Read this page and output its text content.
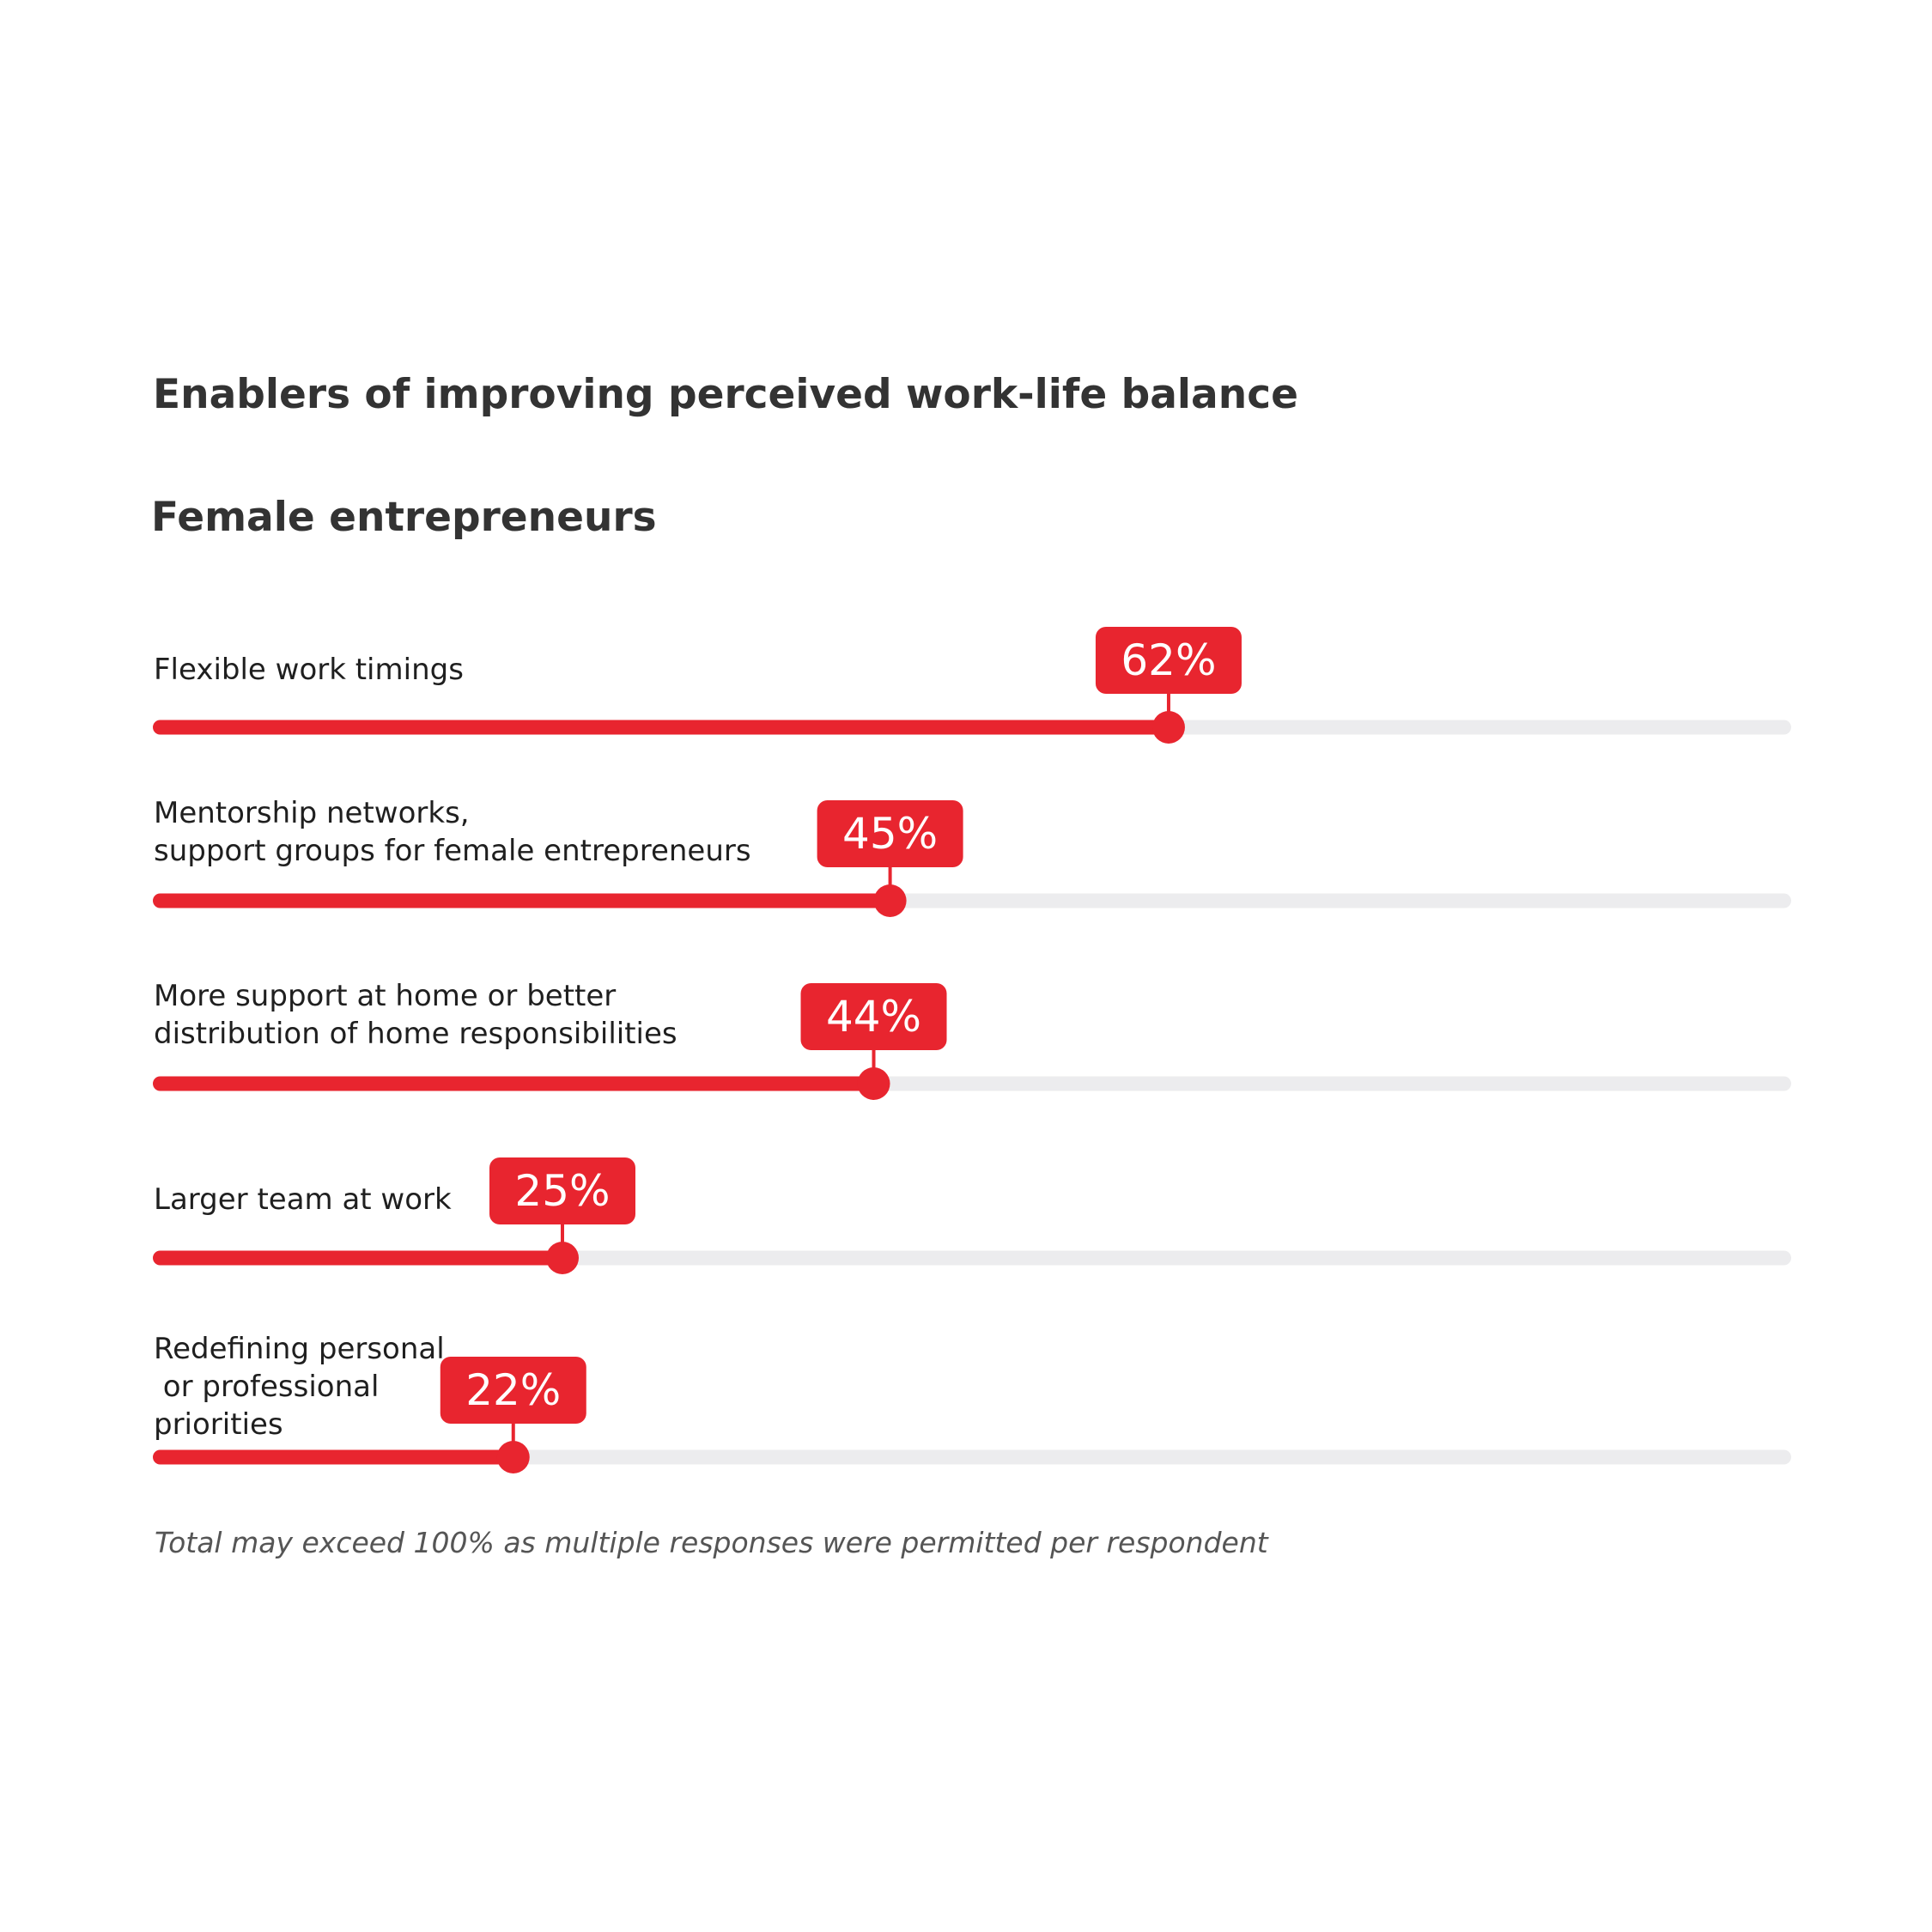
Enablers of improving perceived work-life balance
Female entrepreneurs
62%
Flexible work timings
45%
Mentorship networks, support groups for female entrepreneurs
44%
More support at home or better distribution of home responsibilities
25%
Larger team at work
22%
Redefining personal or professional priorities

Total may exceed 100% as multiple responses were permitted per respondent
